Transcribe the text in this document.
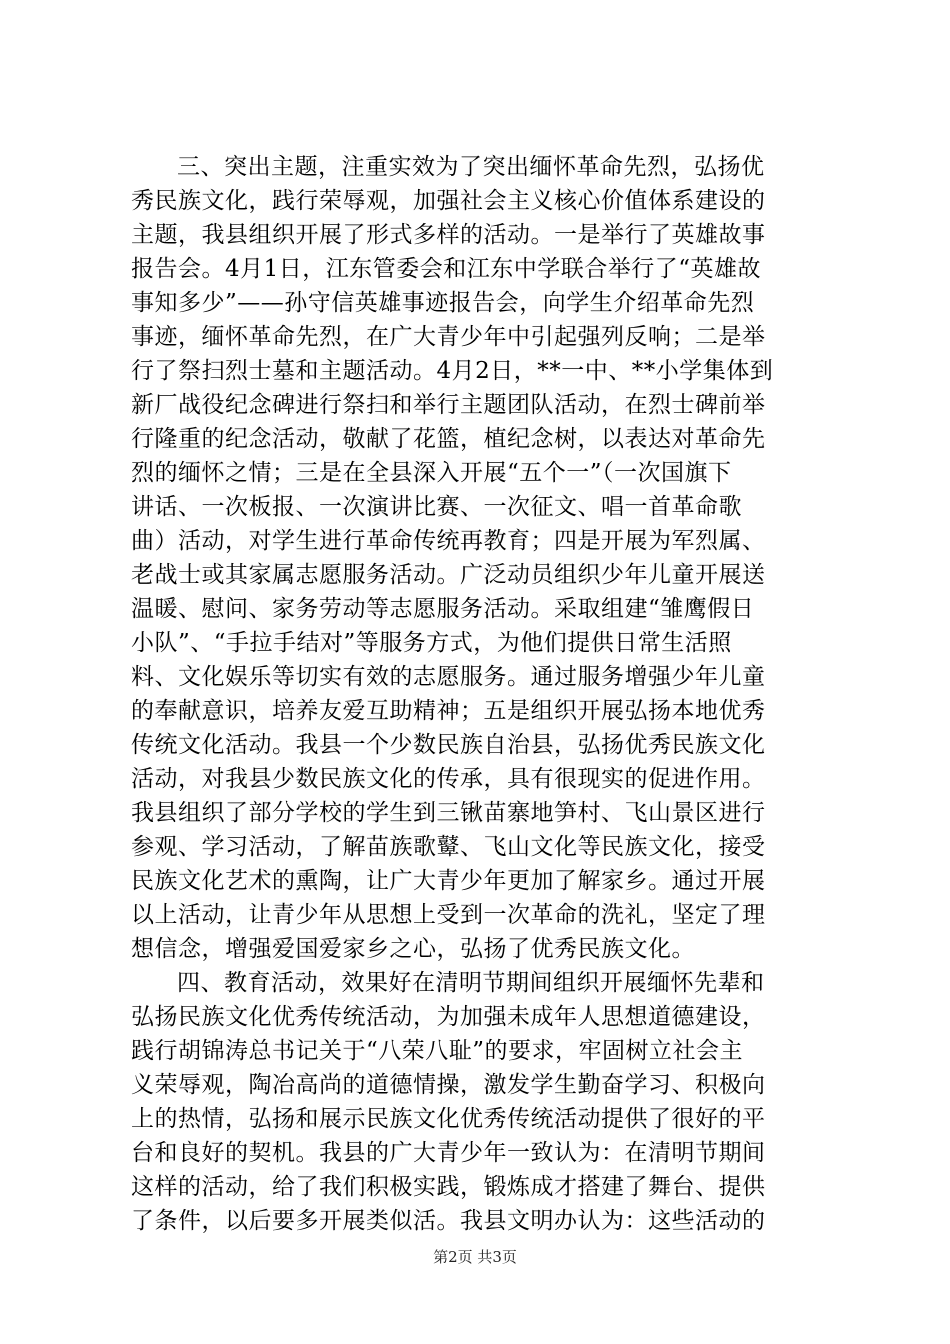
三、突出主题，注重实效为了突出缅怀革命先烈，弘扬优
秀民族文化，践行荣辱观，加强社会主义核心价值体系建设的
主题，我县组织开展了形式多样的活动。一是举行了英雄故事
报告会。4月1日，江东管委会和江东中学联合举行了“英雄故
事知多少”——孙守信英雄事迹报告会，向学生介绍革命先烈
事迹，缅怀革命先烈，在广大青少年中引起强列反响；二是举
行了祭扫烈士墓和主题活动。4月2日，**一中、**小学集体到
新厂战役纪念碑进行祭扫和举行主题团队活动，在烈士碑前举
行隆重的纪念活动，敬献了花篮，植纪念树，以表达对革命先
烈的缅怀之情；三是在全县深入开展“五个一”（一次国旗下
讲话、一次板报、一次演讲比赛、一次征文、唱一首革命歌
曲）活动，对学生进行革命传统再教育；四是开展为军烈属、
老战士或其家属志愿服务活动。广泛动员组织少年儿童开展送
温暖、慰问、家务劳动等志愿服务活动。采取组建“雏鹰假日
小队”、“手拉手结对”等服务方式，为他们提供日常生活照
料、文化娱乐等切实有效的志愿服务。通过服务增强少年儿童
的奉献意识，培养友爱互助精神；五是组织开展弘扬本地优秀
传统文化活动。我县一个少数民族自治县，弘扬优秀民族文化
活动，对我县少数民族文化的传承，具有很现实的促进作用。
我县组织了部分学校的学生到三锹苗寨地笋村、飞山景区进行
参观、学习活动，了解苗族歌鼙、飞山文化等民族文化，接受
民族文化艺术的熏陶，让广大青少年更加了解家乡。通过开展
以上活动，让青少年从思想上受到一次革命的洗礼，坚定了理
想信念，增强爱国爱家乡之心，弘扬了优秀民族文化。
四、教育活动，效果好在清明节期间组织开展缅怀先辈和
弘扬民族文化优秀传统活动，为加强未成年人思想道德建设，
践行胡锦涛总书记关于“八荣八耻”的要求，牢固树立社会主
义荣辱观，陶冶高尚的道德情操，激发学生勤奋学习、积极向
上的热情，弘扬和展示民族文化优秀传统活动提供了很好的平
台和良好的契机。我县的广大青少年一致认为：在清明节期间
这样的活动，给了我们积极实践，锻炼成才搭建了舞台、提供
了条件，以后要多开展类似活。我县文明办认为：这些活动的
第2页 共3页
